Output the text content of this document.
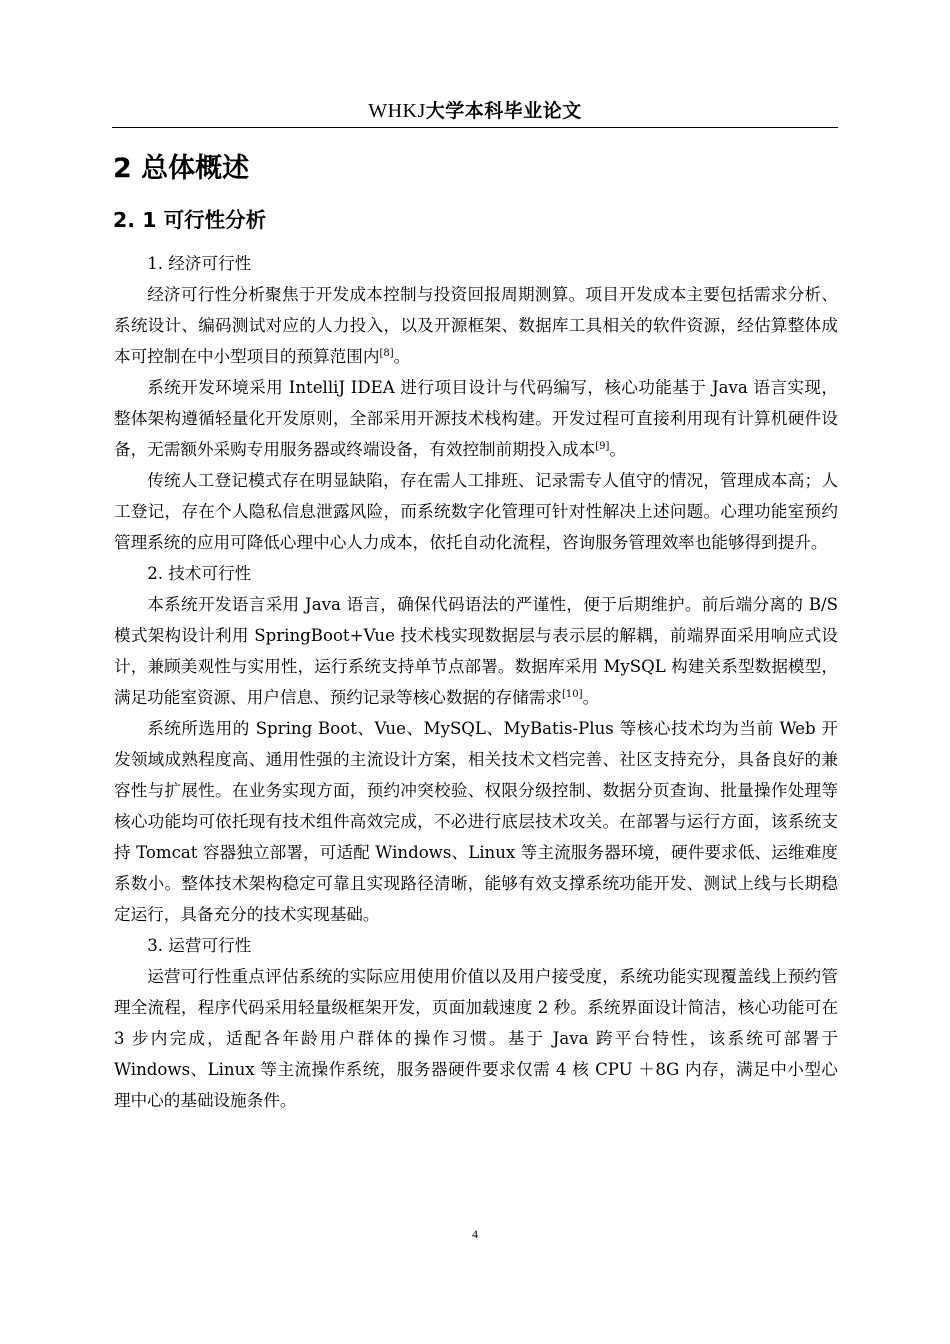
WHKJ大学本科毕业论文
2 总体概述
2. 1 可行性分析

1. 经济可行性

经济可行性分析聚焦于开发成本控制与投资回报周期测算。项目开发成本主要包括需求分析、系统设计、编码测试对应的人力投入，以及开源框架、数据库工具相关的软件资源，经估算整体成本可控制在中小型项目的预算范围内[8]。

系统开发环境采用 IntelliJ IDEA 进行项目设计与代码编写，核心功能基于 Java 语言实现，整体架构遵循轻量化开发原则，全部采用开源技术栈构建。开发过程可直接利用现有计算机硬件设备，无需额外采购专用服务器或终端设备，有效控制前期投入成本[9]。

传统人工登记模式存在明显缺陷，存在需人工排班、记录需专人值守的情况，管理成本高；人工登记，存在个人隐私信息泄露风险，而系统数字化管理可针对性解决上述问题。心理功能室预约管理系统的应用可降低心理中心人力成本，依托自动化流程，咨询服务管理效率也能够得到提升。

2. 技术可行性

本系统开发语言采用 Java 语言，确保代码语法的严谨性，便于后期维护。前后端分离的 B/S 模式架构设计利用 SpringBoot+Vue 技术栈实现数据层与表示层的解耦，前端界面采用响应式设计，兼顾美观性与实用性，运行系统支持单节点部署。数据库采用 MySQL 构建关系型数据模型，满足功能室资源、用户信息、预约记录等核心数据的存储需求[10]。

系统所选用的 Spring Boot、Vue、MySQL、MyBatis-Plus 等核心技术均为当前 Web 开发领域成熟程度高、通用性强的主流设计方案，相关技术文档完善、社区支持充分，具备良好的兼容性与扩展性。在业务实现方面，预约冲突校验、权限分级控制、数据分页查询、批量操作处理等核心功能均可依托现有技术组件高效完成，不必进行底层技术攻关。在部署与运行方面，该系统支持 Tomcat 容器独立部署，可适配 Windows、Linux 等主流服务器环境，硬件要求低、运维难度系数小。整体技术架构稳定可靠且实现路径清晰，能够有效支撑系统功能开发、测试上线与长期稳定运行，具备充分的技术实现基础。

3. 运营可行性

运营可行性重点评估系统的实际应用使用价值以及用户接受度，系统功能实现覆盖线上预约管理全流程，程序代码采用轻量级框架开发，页面加载速度 2 秒。系统界面设计简洁，核心功能可在 3 步内完成，适配各年龄用户群体的操作习惯。基于 Java 跨平台特性，该系统可部署于 Windows、Linux 等主流操作系统，服务器硬件要求仅需 4 核 CPU ＋8G 内存，满足中小型心理中心的基础设施条件。

4
